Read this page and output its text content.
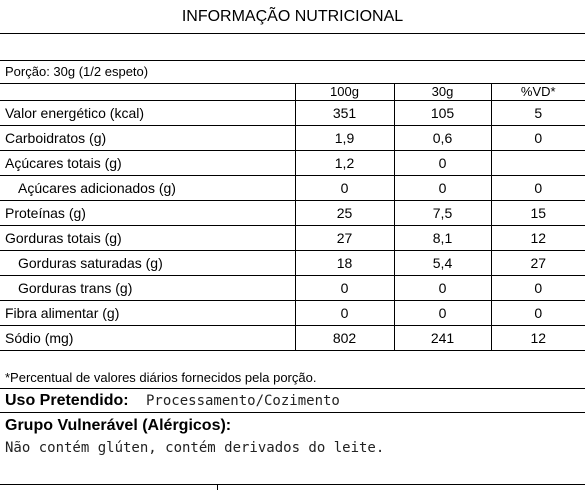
INFORMAÇÃO NUTRICIONAL
Porção: 30g (1/2 espeto)
	100g	30g	%VD*
Valor energético (kcal)	351	105	5
Carboidratos (g)	1,9	0,6	0
Açúcares totais (g)	1,2	0	
Açúcares adicionados (g)	0	0	0
Proteínas (g)	25	7,5	15
Gorduras totais (g)	27	8,1	12
Gorduras saturadas (g)	18	5,4	27
Gorduras trans (g)	0	0	0
Fibra alimentar (g)	0	0	0
Sódio (mg)	802	241	12
*Percentual de valores diários fornecidos pela porção.
Uso Pretendido: Processamento/Cozimento
Grupo Vulnerável (Alérgicos):
Não contém glúten, contém derivados do leite.
